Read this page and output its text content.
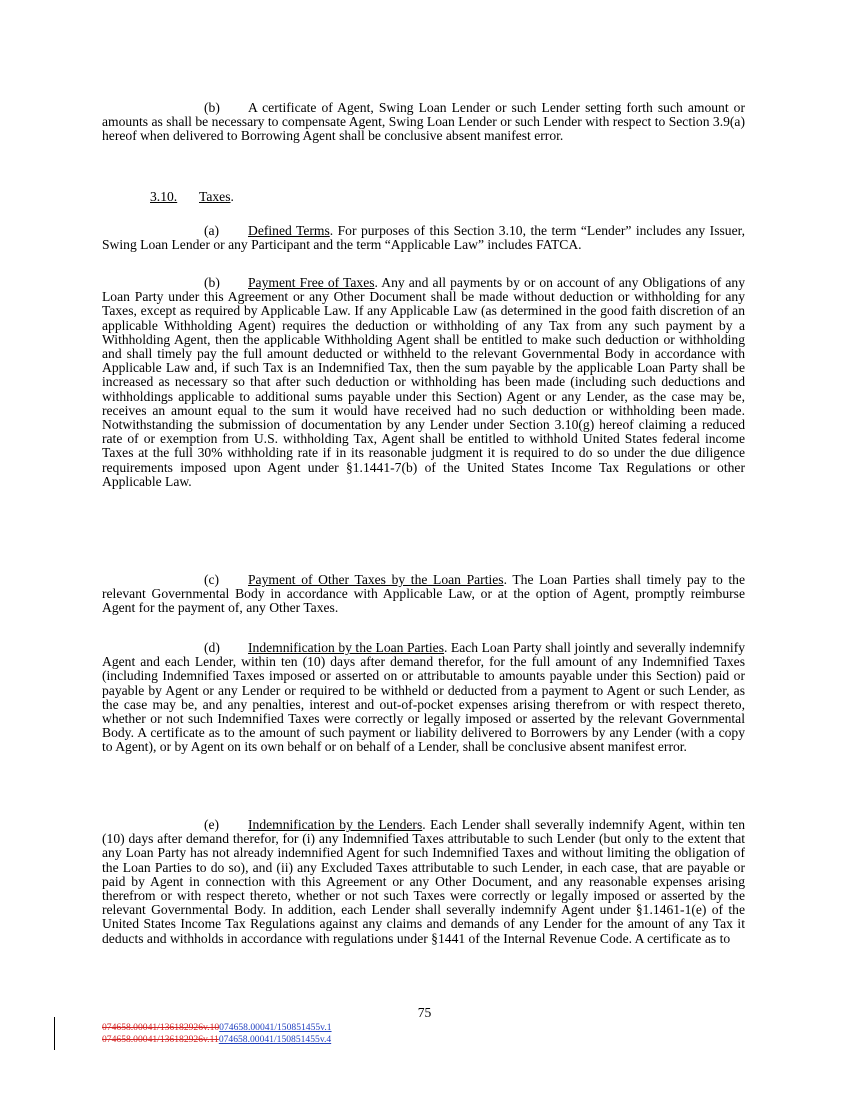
(b) A certificate of Agent, Swing Loan Lender or such Lender setting forth such amount or amounts as shall be necessary to compensate Agent, Swing Loan Lender or such Lender with respect to Section 3.9(a) hereof when delivered to Borrowing Agent shall be conclusive absent manifest error.

3.10. Taxes.

(a) Defined Terms. For purposes of this Section 3.10, the term “Lender” includes any Issuer, Swing Loan Lender or any Participant and the term “Applicable Law” includes FATCA.

(b) Payment Free of Taxes. Any and all payments by or on account of any Obligations of any Loan Party under this Agreement or any Other Document shall be made without deduction or withholding for any Taxes, except as required by Applicable Law. If any Applicable Law (as determined in the good faith discretion of an applicable Withholding Agent) requires the deduction or withholding of any Tax from any such payment by a Withholding Agent, then the applicable Withholding Agent shall be entitled to make such deduction or withholding and shall timely pay the full amount deducted or withheld to the relevant Governmental Body in accordance with Applicable Law and, if such Tax is an Indemnified Tax, then the sum payable by the applicable Loan Party shall be increased as necessary so that after such deduction or withholding has been made (including such deductions and withholdings applicable to additional sums payable under this Section) Agent or any Lender, as the case may be, receives an amount equal to the sum it would have received had no such deduction or withholding been made. Notwithstanding the submission of documentation by any Lender under Section 3.10(g) hereof claiming a reduced rate of or exemption from U.S. withholding Tax, Agent shall be entitled to withhold United States federal income Taxes at the full 30% withholding rate if in its reasonable judgment it is required to do so under the due diligence requirements imposed upon Agent under §1.1441-7(b) of the United States Income Tax Regulations or other Applicable Law.

(c) Payment of Other Taxes by the Loan Parties. The Loan Parties shall timely pay to the relevant Governmental Body in accordance with Applicable Law, or at the option of Agent, promptly reimburse Agent for the payment of, any Other Taxes.

(d) Indemnification by the Loan Parties. Each Loan Party shall jointly and severally indemnify Agent and each Lender, within ten (10) days after demand therefor, for the full amount of any Indemnified Taxes (including Indemnified Taxes imposed or asserted on or attributable to amounts payable under this Section) paid or payable by Agent or any Lender or required to be withheld or deducted from a payment to Agent or such Lender, as the case may be, and any penalties, interest and out-of-pocket expenses arising therefrom or with respect thereto, whether or not such Indemnified Taxes were correctly or legally imposed or asserted by the relevant Governmental Body. A certificate as to the amount of such payment or liability delivered to Borrowers by any Lender (with a copy to Agent), or by Agent on its own behalf or on behalf of a Lender, shall be conclusive absent manifest error.

(e) Indemnification by the Lenders. Each Lender shall severally indemnify Agent, within ten (10) days after demand therefor, for (i) any Indemnified Taxes attributable to such Lender (but only to the extent that any Loan Party has not already indemnified Agent for such Indemnified Taxes and without limiting the obligation of the Loan Parties to do so), and (ii) any Excluded Taxes attributable to such Lender, in each case, that are payable or paid by Agent in connection with this Agreement or any Other Document, and any reasonable expenses arising therefrom or with respect thereto, whether or not such Taxes were correctly or legally imposed or asserted by the relevant Governmental Body. In addition, each Lender shall severally indemnify Agent under §1.1461-1(e) of the United States Income Tax Regulations against any claims and demands of any Lender for the amount of any Tax it deducts and withholds in accordance with regulations under §1441 of the Internal Revenue Code. A certificate as to

75
074658.00041/136182926v.10074658.00041/150851455v.1
074658.00041/136182926v.11074658.00041/150851455v.4
